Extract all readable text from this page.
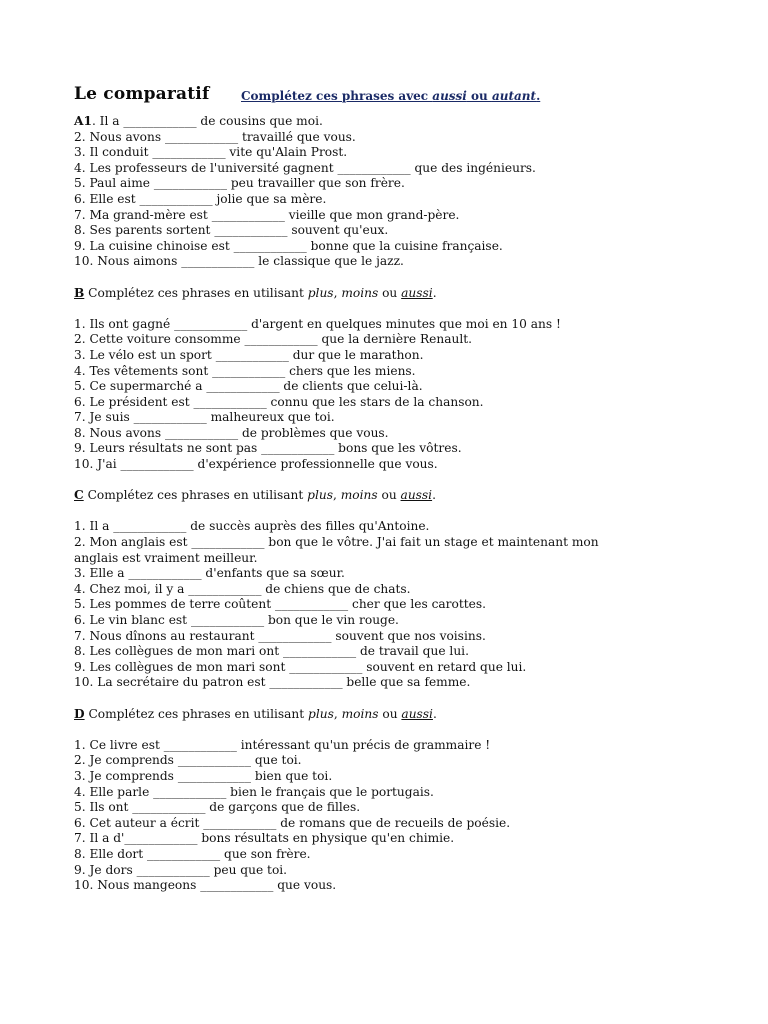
Le comparatif	Complétez ces phrases avec aussi ou autant.
A1. Il a ____________ de cousins que moi.
2. Nous avons ____________ travaillé que vous.
3. Il conduit ____________ vite qu'Alain Prost.
4. Les professeurs de l'université gagnent ____________ que des ingénieurs.
5. Paul aime ____________ peu travailler que son frère.
6. Elle est ____________ jolie que sa mère.
7. Ma grand-mère est ____________ vieille que mon grand-père.
8. Ses parents sortent ____________ souvent qu'eux.
9. La cuisine chinoise est ____________ bonne que la cuisine française.
10. Nous aimons ____________ le classique que le jazz.
B Complétez ces phrases en utilisant plus, moins ou aussi.
1. Ils ont gagné ____________ d'argent en quelques minutes que moi en 10 ans !
2. Cette voiture consomme ____________ que la dernière Renault.
3. Le vélo est un sport ____________ dur que le marathon.
4. Tes vêtements sont ____________ chers que les miens.
5. Ce supermarché a ____________ de clients que celui-là.
6. Le président est ____________ connu que les stars de la chanson.
7. Je suis ____________ malheureux que toi.
8. Nous avons ____________ de problèmes que vous.
9. Leurs résultats ne sont pas ____________ bons que les vôtres.
10. J'ai ____________ d'expérience professionnelle que vous.
C Complétez ces phrases en utilisant plus, moins ou aussi.
1. Il a ____________ de succès auprès des filles qu'Antoine.
2. Mon anglais est ____________ bon que le vôtre. J'ai fait un stage et maintenant mon
anglais est vraiment meilleur.
3. Elle a ____________ d'enfants que sa sœur.
4. Chez moi, il y a ____________ de chiens que de chats.
5. Les pommes de terre coûtent ____________ cher que les carottes.
6. Le vin blanc est ____________ bon que le vin rouge.
7. Nous dînons au restaurant ____________ souvent que nos voisins.
8. Les collègues de mon mari ont ____________ de travail que lui.
9. Les collègues de mon mari sont ____________ souvent en retard que lui.
10. La secrétaire du patron est ____________ belle que sa femme.
D Complétez ces phrases en utilisant plus, moins ou aussi.
1. Ce livre est ____________ intéressant qu'un précis de grammaire !
2. Je comprends ____________ que toi.
3. Je comprends ____________ bien que toi.
4. Elle parle ____________ bien le français que le portugais.
5. Ils ont ____________ de garçons que de filles.
6. Cet auteur a écrit ____________ de romans que de recueils de poésie.
7. Il a d'____________ bons résultats en physique qu'en chimie.
8. Elle dort ____________ que son frère.
9. Je dors ____________ peu que toi.
10. Nous mangeons ____________ que vous.
